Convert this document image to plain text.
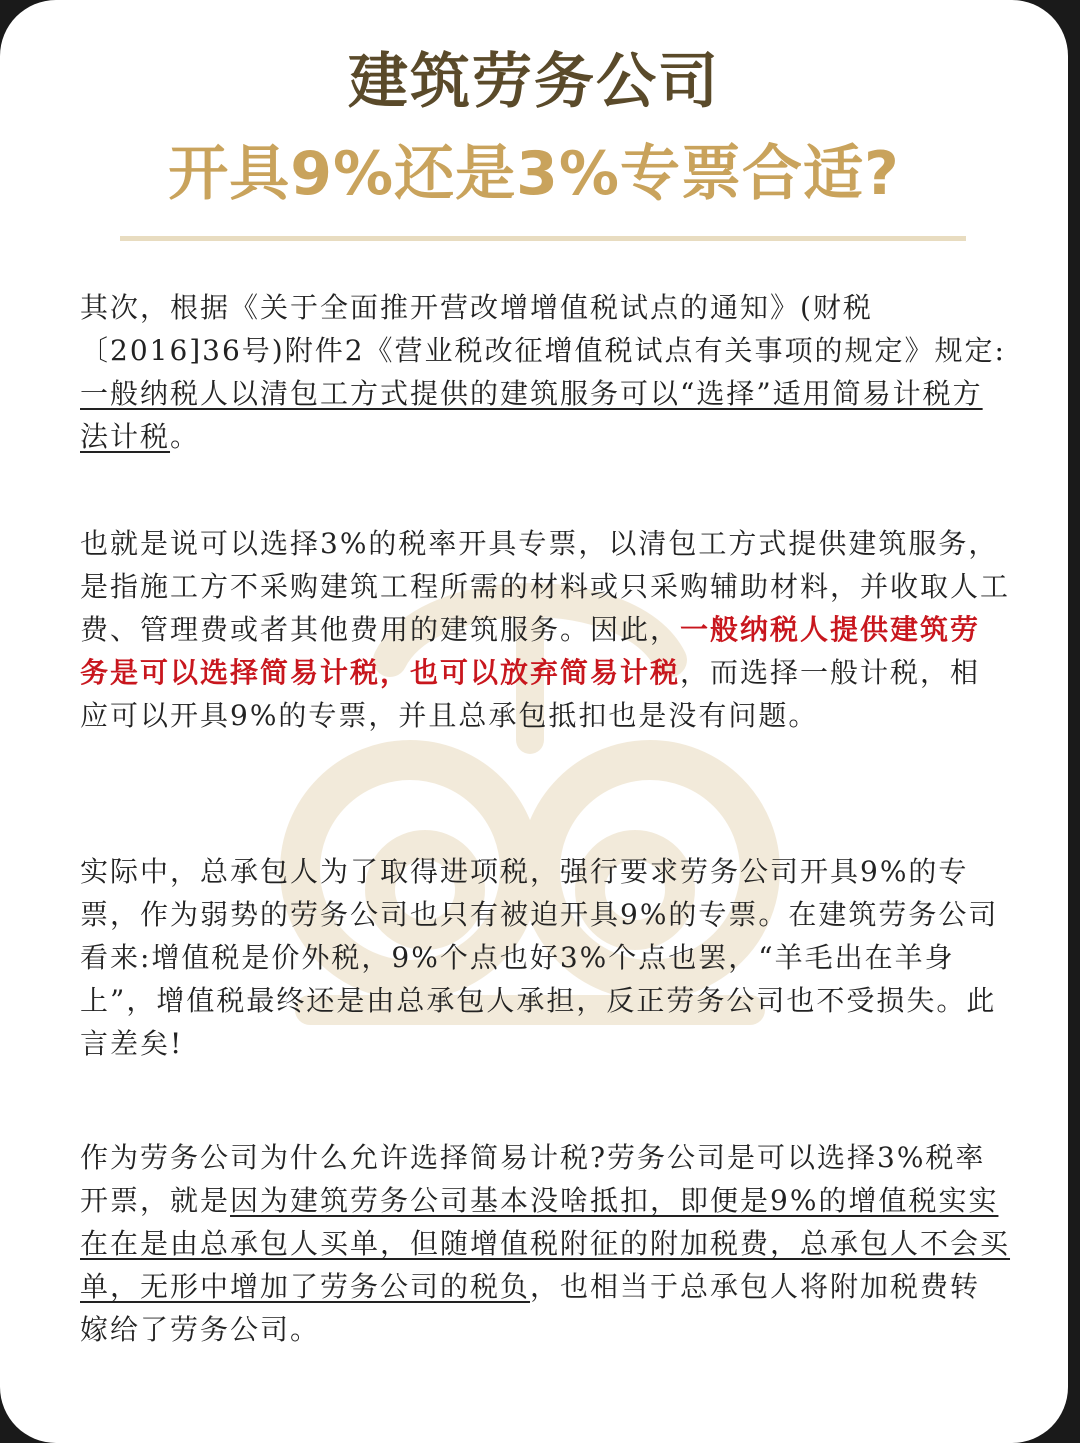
建筑劳务公司
开具9%还是3%专票合适?
其次，根据《关于全面推开营改增增值税试点的通知》(财税〔2016]36号)附件2《营业税改征增值税试点有关事项的规定》规定:一般纳税人以清包工方式提供的建筑服务可以“选择”适用简易计税方法计税。
也就是说可以选择3%的税率开具专票，以清包工方式提供建筑服务，是指施工方不采购建筑工程所需的材料或只采购辅助材料，并收取人工费、管理费或者其他费用的建筑服务。因此，一般纳税人提供建筑劳务是可以选择简易计税，也可以放弃简易计税，而选择一般计税，相应可以开具9%的专票，并且总承包抵扣也是没有问题。
实际中，总承包人为了取得进项税，强行要求劳务公司开具9%的专票，作为弱势的劳务公司也只有被迫开具9%的专票。在建筑劳务公司看来:增值税是价外税，9%个点也好3%个点也罢，“羊毛出在羊身上”，增值税最终还是由总承包人承担，反正劳务公司也不受损失。此言差矣!
作为劳务公司为什么允许选择简易计税?劳务公司是可以选择3%税率开票，就是因为建筑劳务公司基本没啥抵扣，即便是9%的增值税实实在在是由总承包人买单，但随增值税附征的附加税费，总承包人不会买单，无形中增加了劳务公司的税负，也相当于总承包人将附加税费转嫁给了劳务公司。
